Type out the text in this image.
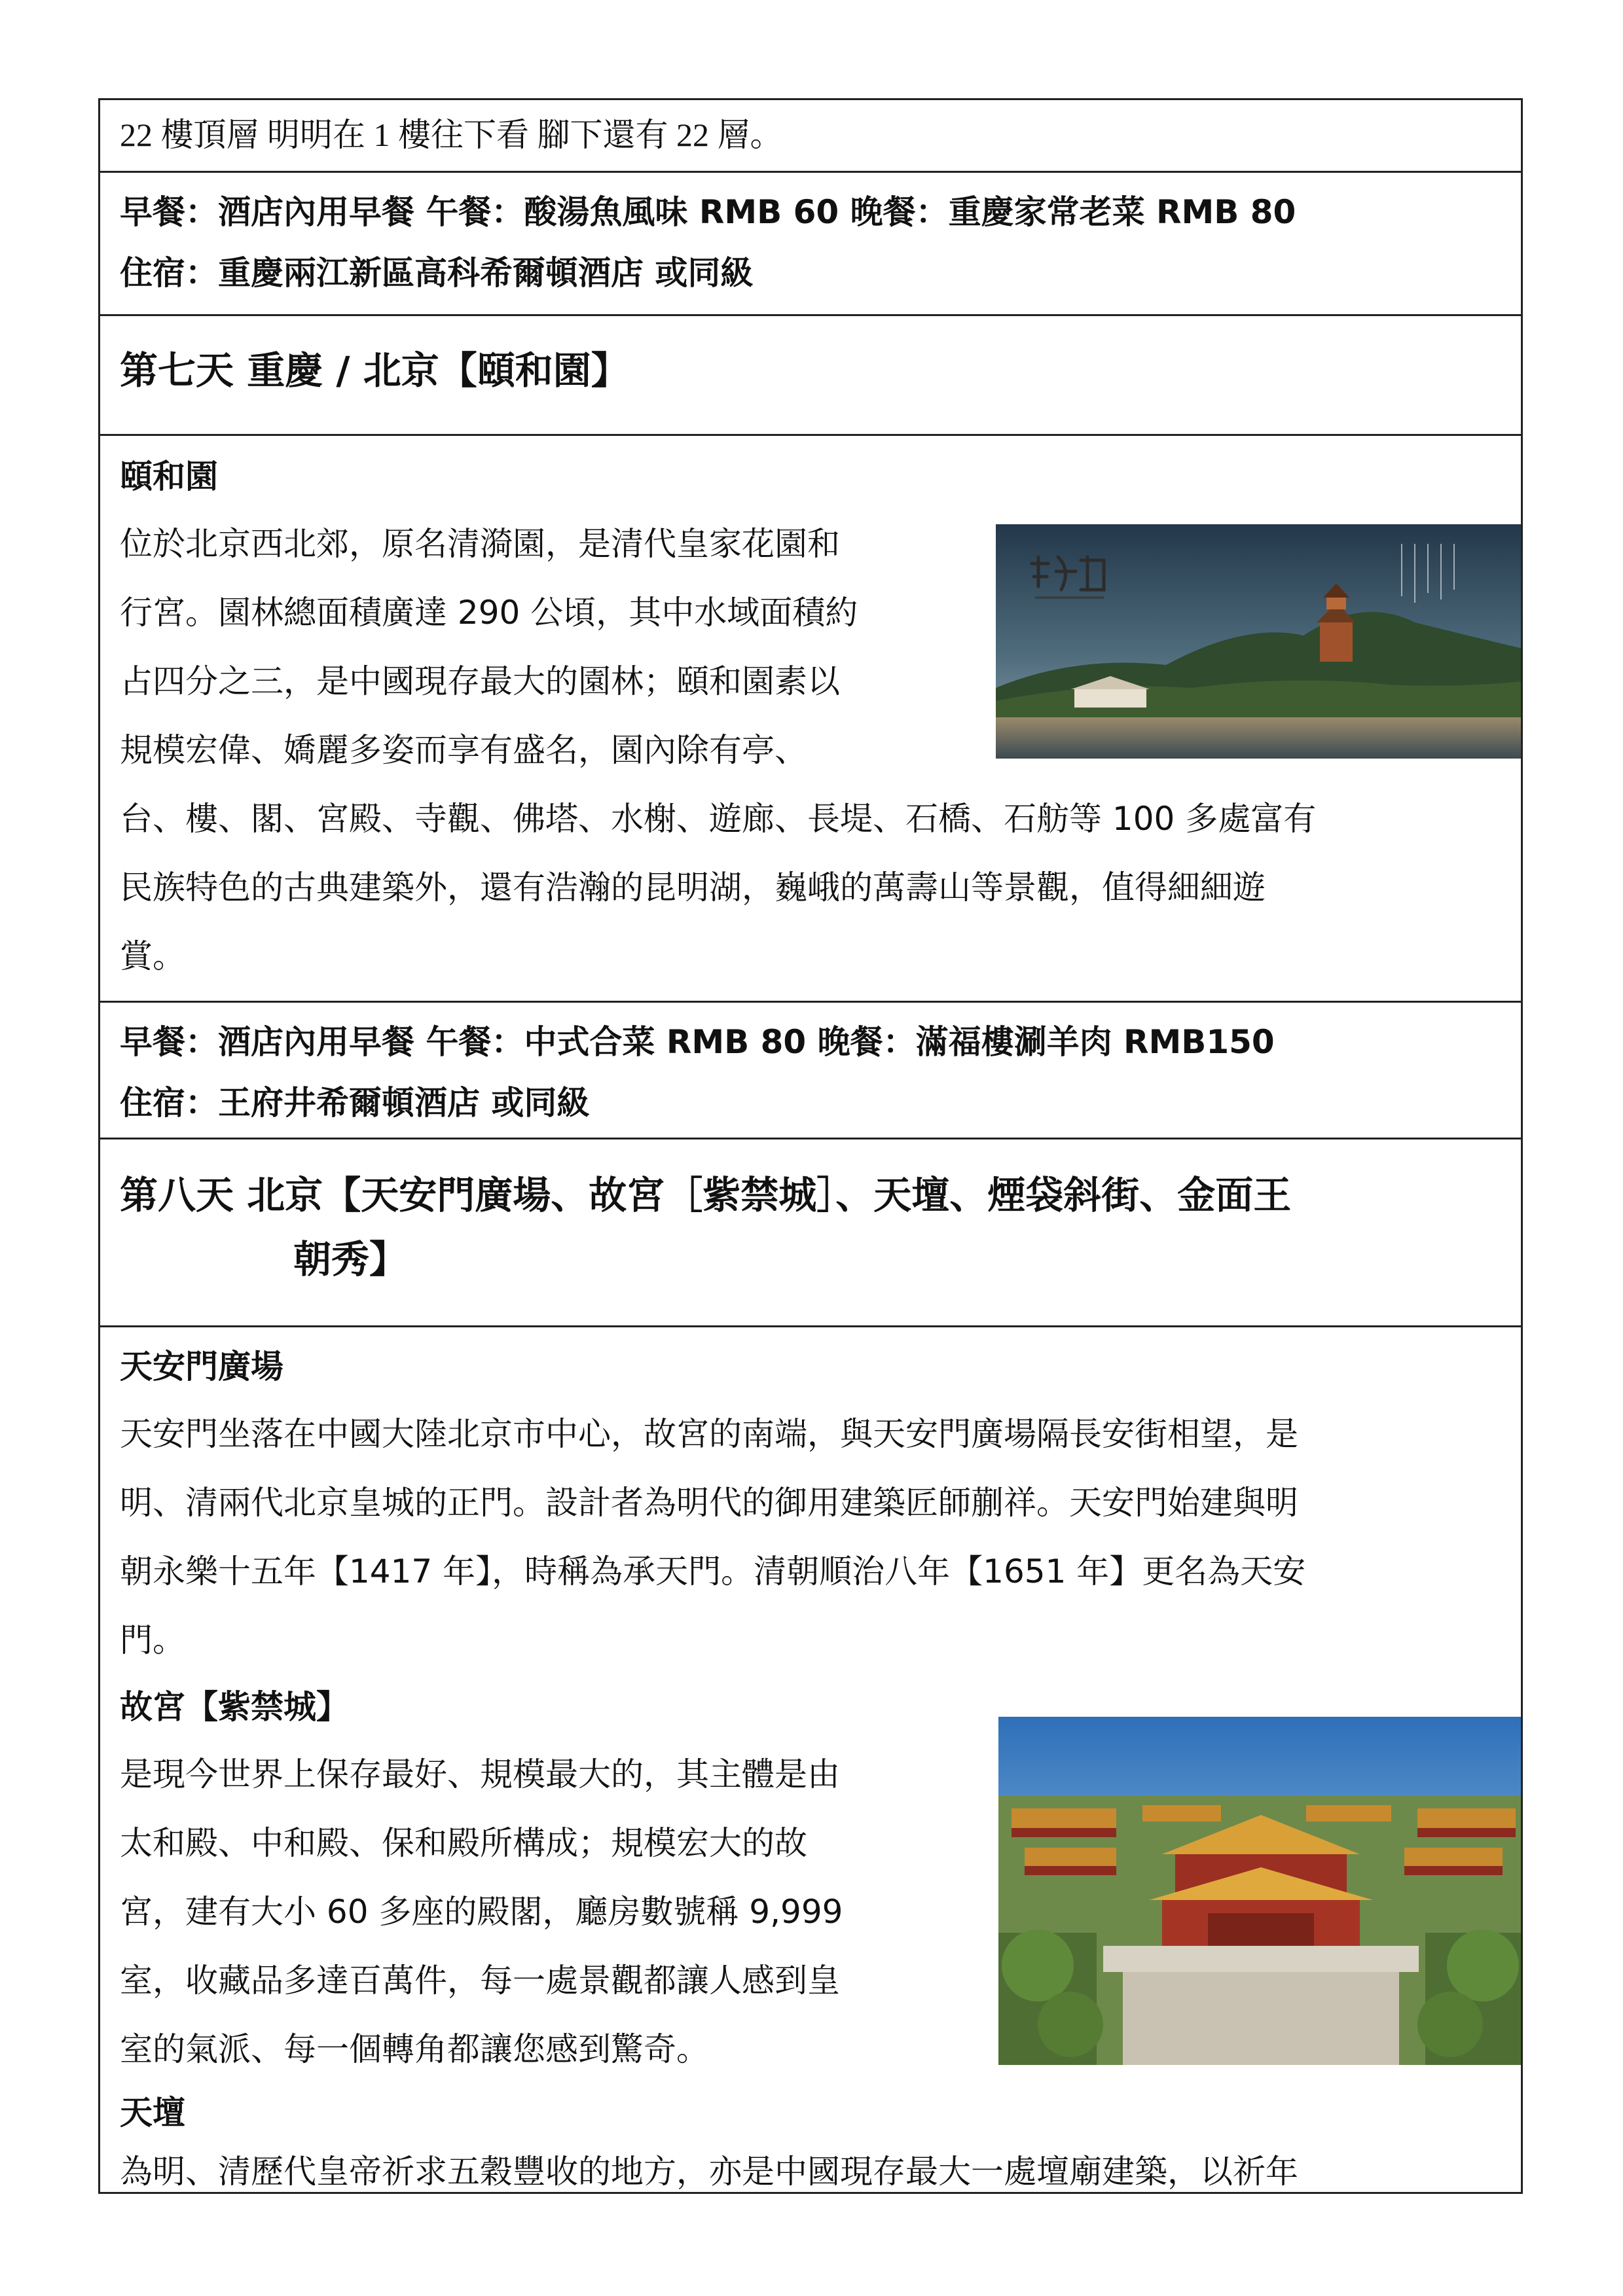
22 樓頂層 明明在 1 樓往下看 腳下還有 22 層。
早餐：酒店內用早餐 午餐：酸湯魚風味 RMB 60 晚餐：重慶家常老菜 RMB 80
住宿：重慶兩江新區高科希爾頓酒店 或同級
第七天 重慶 / 北京【頤和園】
頤和園
位於北京西北郊，原名清漪園，是清代皇家花園和
行宮。園林總面積廣達 290 公頃，其中水域面積約
占四分之三，是中國現存最大的園林；頤和園素以
規模宏偉、嬌麗多姿而享有盛名，園內除有亭、
台、樓、閣、宮殿、寺觀、佛塔、水榭、遊廊、長堤、石橋、石舫等 100 多處富有
民族特色的古典建築外，還有浩瀚的昆明湖，巍峨的萬壽山等景觀，值得細細遊
賞。
早餐：酒店內用早餐 午餐：中式合菜 RMB 80 晚餐：滿福樓涮羊肉 RMB150
住宿：王府井希爾頓酒店 或同級
第八天 北京【天安門廣場、故宮［紫禁城］、天壇、煙袋斜街、金面王
朝秀】
天安門廣場
天安門坐落在中國大陸北京市中心，故宮的南端，與天安門廣場隔長安街相望，是
明、清兩代北京皇城的正門。設計者為明代的御用建築匠師蒯祥。天安門始建與明
朝永樂十五年【1417 年】，時稱為承天門。清朝順治八年【1651 年】更名為天安
門。
故宮【紫禁城】
是現今世界上保存最好、規模最大的，其主體是由
太和殿、中和殿、保和殿所構成；規模宏大的故
宮，建有大小 60 多座的殿閣，廳房數號稱 9,999
室，收藏品多達百萬件，每一處景觀都讓人感到皇
室的氣派、每一個轉角都讓您感到驚奇。
天壇
為明、清歷代皇帝祈求五穀豐收的地方，亦是中國現存最大一處壇廟建築，以祈年
